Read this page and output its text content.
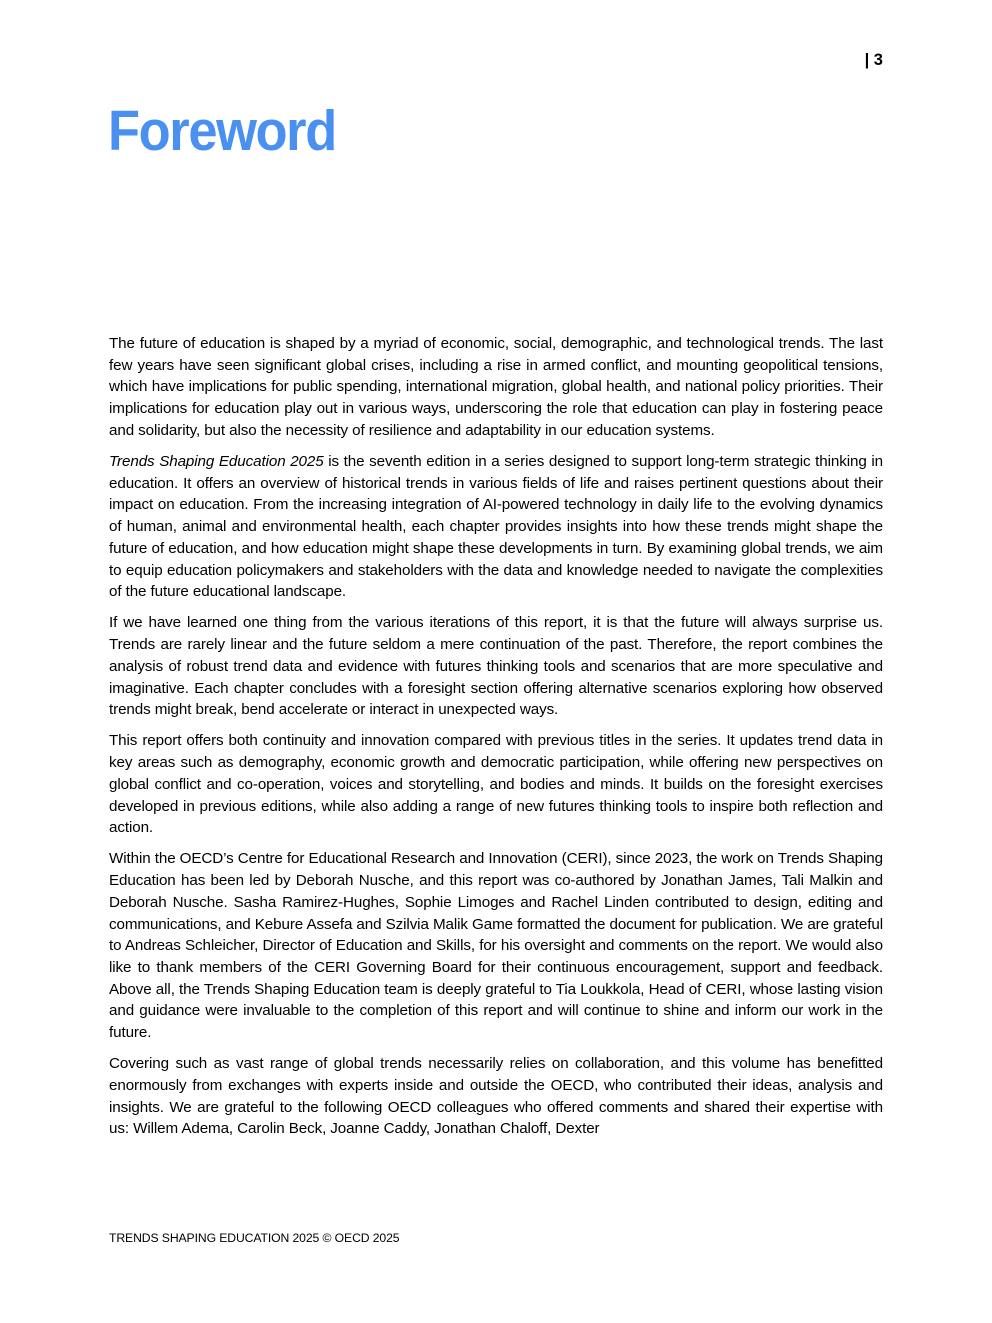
| 3
Foreword

The future of education is shaped by a myriad of economic, social, demographic, and technological trends. The last few years have seen significant global crises, including a rise in armed conflict, and mounting geopolitical tensions, which have implications for public spending, international migration, global health, and national policy priorities. Their implications for education play out in various ways, underscoring the role that education can play in fostering peace and solidarity, but also the necessity of resilience and adaptability in our education systems.

Trends Shaping Education 2025 is the seventh edition in a series designed to support long-term strategic thinking in education. It offers an overview of historical trends in various fields of life and raises pertinent questions about their impact on education. From the increasing integration of AI-powered technology in daily life to the evolving dynamics of human, animal and environmental health, each chapter provides insights into how these trends might shape the future of education, and how education might shape these developments in turn. By examining global trends, we aim to equip education policymakers and stakeholders with the data and knowledge needed to navigate the complexities of the future educational landscape.

If we have learned one thing from the various iterations of this report, it is that the future will always surprise us. Trends are rarely linear and the future seldom a mere continuation of the past. Therefore, the report combines the analysis of robust trend data and evidence with futures thinking tools and scenarios that are more speculative and imaginative. Each chapter concludes with a foresight section offering alternative scenarios exploring how observed trends might break, bend accelerate or interact in unexpected ways.

This report offers both continuity and innovation compared with previous titles in the series. It updates trend data in key areas such as demography, economic growth and democratic participation, while offering new perspectives on global conflict and co-operation, voices and storytelling, and bodies and minds. It builds on the foresight exercises developed in previous editions, while also adding a range of new futures thinking tools to inspire both reflection and action.

Within the OECD’s Centre for Educational Research and Innovation (CERI), since 2023, the work on Trends Shaping Education has been led by Deborah Nusche, and this report was co-authored by Jonathan James, Tali Malkin and Deborah Nusche. Sasha Ramirez-Hughes, Sophie Limoges and Rachel Linden contributed to design, editing and communications, and Kebure Assefa and Szilvia Malik Game formatted the document for publication. We are grateful to Andreas Schleicher, Director of Education and Skills, for his oversight and comments on the report. We would also like to thank members of the CERI Governing Board for their continuous encouragement, support and feedback. Above all, the Trends Shaping Education team is deeply grateful to Tia Loukkola, Head of CERI, whose lasting vision and guidance were invaluable to the completion of this report and will continue to shine and inform our work in the future.

Covering such as vast range of global trends necessarily relies on collaboration, and this volume has benefitted enormously from exchanges with experts inside and outside the OECD, who contributed their ideas, analysis and insights. We are grateful to the following OECD colleagues who offered comments and shared their expertise with us: Willem Adema, Carolin Beck, Joanne Caddy, Jonathan Chaloff, Dexter

TRENDS SHAPING EDUCATION 2025 © OECD 2025
